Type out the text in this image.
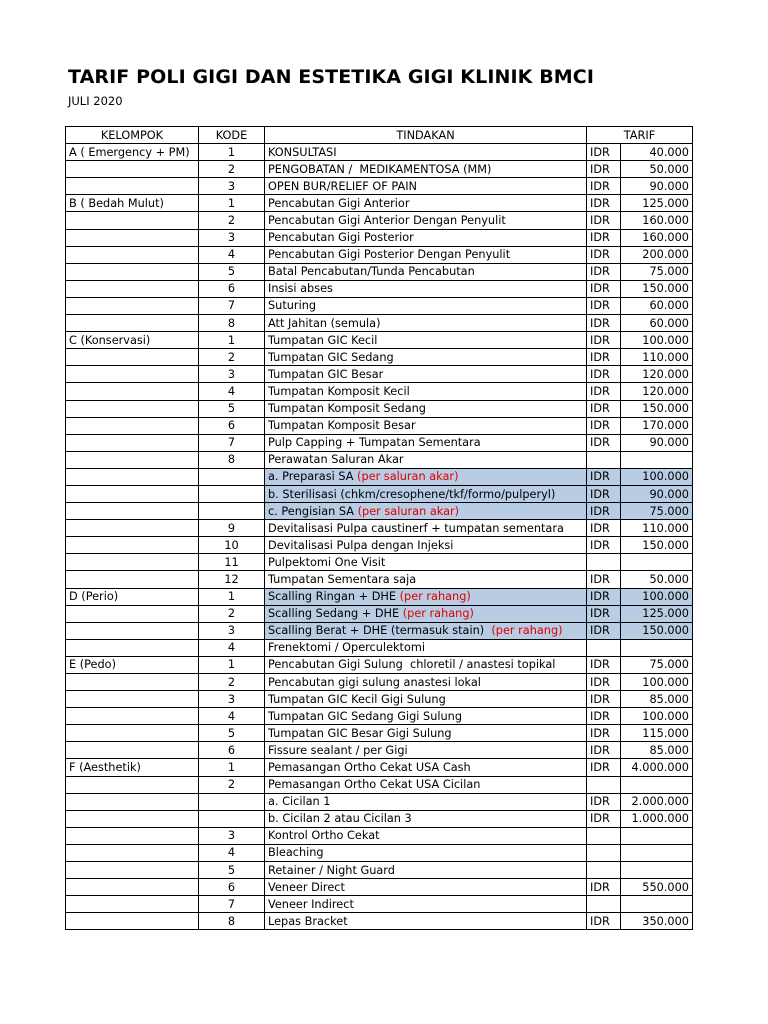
TARIF POLI GIGI DAN ESTETIKA GIGI KLINIK BMCI
JULI 2020
KELOMPOK	KODE	TINDAKAN	TARIF	
A ( Emergency + PM)	1	KONSULTASI	IDR	40.000
	2	PENGOBATAN /  MEDIKAMENTOSA (MM)	IDR	50.000
	3	OPEN BUR/RELIEF OF PAIN	IDR	90.000
B ( Bedah Mulut)	1	Pencabutan Gigi Anterior	IDR	125.000
	2	Pencabutan Gigi Anterior Dengan Penyulit	IDR	160.000
	3	Pencabutan Gigi Posterior	IDR	160.000
	4	Pencabutan Gigi Posterior Dengan Penyulit	IDR	200.000
	5	Batal Pencabutan/Tunda Pencabutan	IDR	75.000
	6	Insisi abses	IDR	150.000
	7	Suturing	IDR	60.000
	8	Att Jahitan (semula)	IDR	60.000
C (Konservasi)	1	Tumpatan GIC Kecil	IDR	100.000
	2	Tumpatan GIC Sedang	IDR	110.000
	3	Tumpatan GIC Besar	IDR	120.000
	4	Tumpatan Komposit Kecil	IDR	120.000
	5	Tumpatan Komposit Sedang	IDR	150.000
	6	Tumpatan Komposit Besar	IDR	170.000
	7	Pulp Capping + Tumpatan Sementara	IDR	90.000
	8	Perawatan Saluran Akar		
		a. Preparasi SA (per saluran akar)	IDR	100.000
		b. Sterilisasi (chkm/cresophene/tkf/formo/pulperyl)	IDR	90.000
		c. Pengisian SA (per saluran akar)	IDR	75.000
	9	Devitalisasi Pulpa caustinerf + tumpatan sementara	IDR	110.000
	10	Devitalisasi Pulpa dengan Injeksi	IDR	150.000
	11	Pulpektomi One Visit		
	12	Tumpatan Sementara saja	IDR	50.000
D (Perio)	1	Scalling Ringan + DHE (per rahang)	IDR	100.000
	2	Scalling Sedang + DHE (per rahang)	IDR	125.000
	3	Scalling Berat + DHE (termasuk stain)  (per rahang)	IDR	150.000
	4	Frenektomi / Operculektomi		
E (Pedo)	1	Pencabutan Gigi Sulung  chloretil / anastesi topikal	IDR	75.000
	2	Pencabutan gigi sulung anastesi lokal	IDR	100.000
	3	Tumpatan GIC Kecil Gigi Sulung	IDR	85.000
	4	Tumpatan GIC Sedang Gigi Sulung	IDR	100.000
	5	Tumpatan GIC Besar Gigi Sulung	IDR	115.000
	6	Fissure sealant / per Gigi	IDR	85.000
F (Aesthetik)	1	Pemasangan Ortho Cekat USA Cash	IDR	4.000.000
	2	Pemasangan Ortho Cekat USA Cicilan		
		a. Cicilan 1	IDR	2.000.000
		b. Cicilan 2 atau Cicilan 3	IDR	1.000.000
	3	Kontrol Ortho Cekat		
	4	Bleaching		
	5	Retainer / Night Guard		
	6	Veneer Direct	IDR	550.000
	7	Veneer Indirect		
	8	Lepas Bracket	IDR	350.000
